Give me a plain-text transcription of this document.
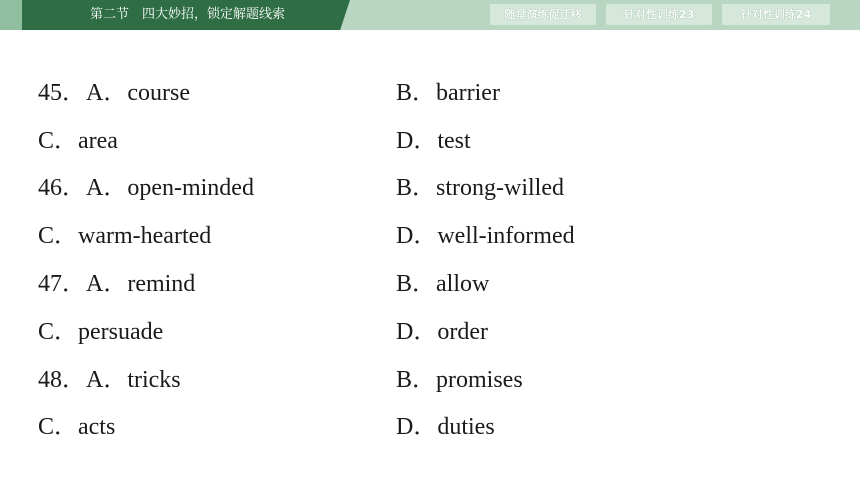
第二节　四大妙招，锁定解题线索	随堂演练促迁移	针对性训练23	针对性训练24
45．A．course	B．barrier
C．area	D．test
46．A．open-minded	B．strong-willed
C．warm-hearted	D．well-informed
47．A．remind	B．allow
C．persuade	D．order
48．A．tricks	B．promises
C．acts	D．duties
